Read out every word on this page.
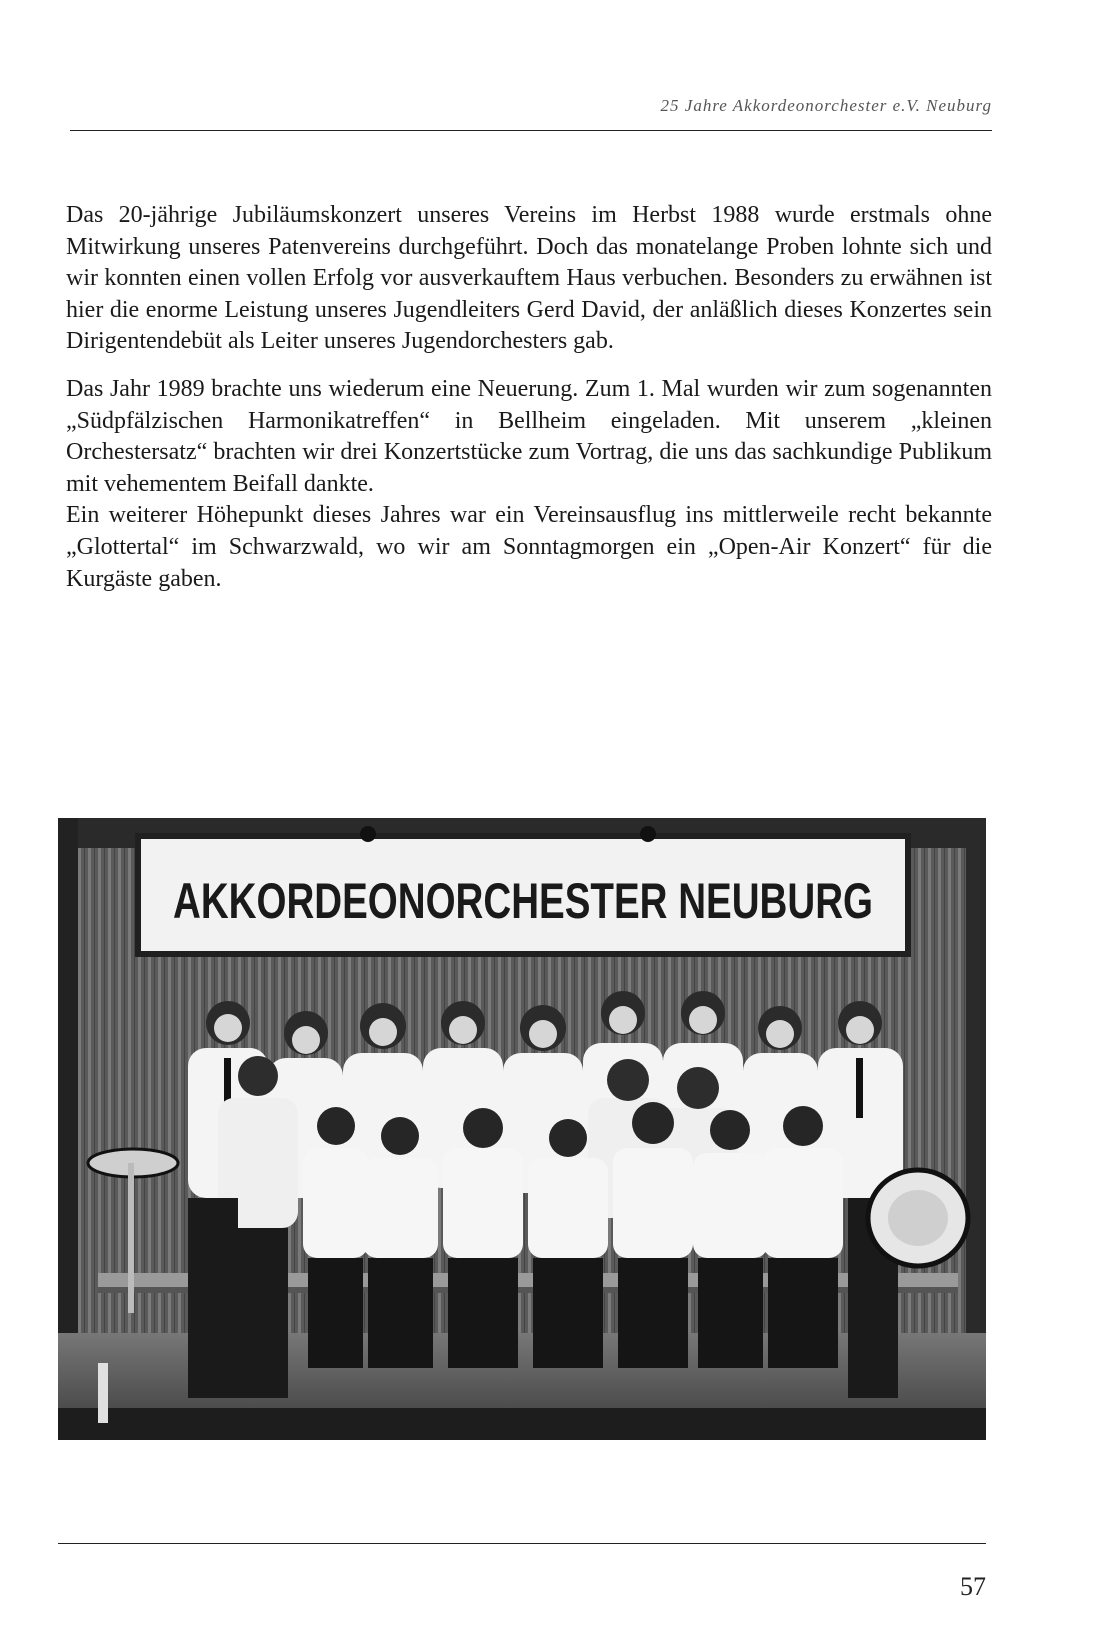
25 Jahre Akkordeonorchester e.V. Neuburg

Das 20-jährige Jubiläumskonzert unseres Vereins im Herbst 1988 wurde erstmals ohne Mitwirkung unseres Patenvereins durchgeführt. Doch das monatelange Proben lohnte sich und wir konnten einen vollen Erfolg vor ausverkauftem Haus verbuchen. Besonders zu erwähnen ist hier die enorme Leistung unseres Jugendleiters Gerd David, der anläßlich dieses Konzertes sein Dirigentendebüt als Leiter unseres Jugendorchesters gab.

Das Jahr 1989 brachte uns wiederum eine Neuerung. Zum 1. Mal wurden wir zum sogenannten „Südpfälzischen Harmonikatreffen“ in Bellheim eingeladen. Mit unserem „kleinen Orchestersatz“ brachten wir drei Konzertstücke zum Vortrag, die uns das sachkundige Publikum mit vehementem Beifall dankte.

Ein weiterer Höhepunkt dieses Jahres war ein Vereinsausflug ins mittlerweile recht bekannte „Glottertal“ im Schwarzwald, wo wir am Sonntagmorgen ein „Open-Air Konzert“ für die Kurgäste gaben.

AKKORDEONORCHESTER NEUBURG
57
